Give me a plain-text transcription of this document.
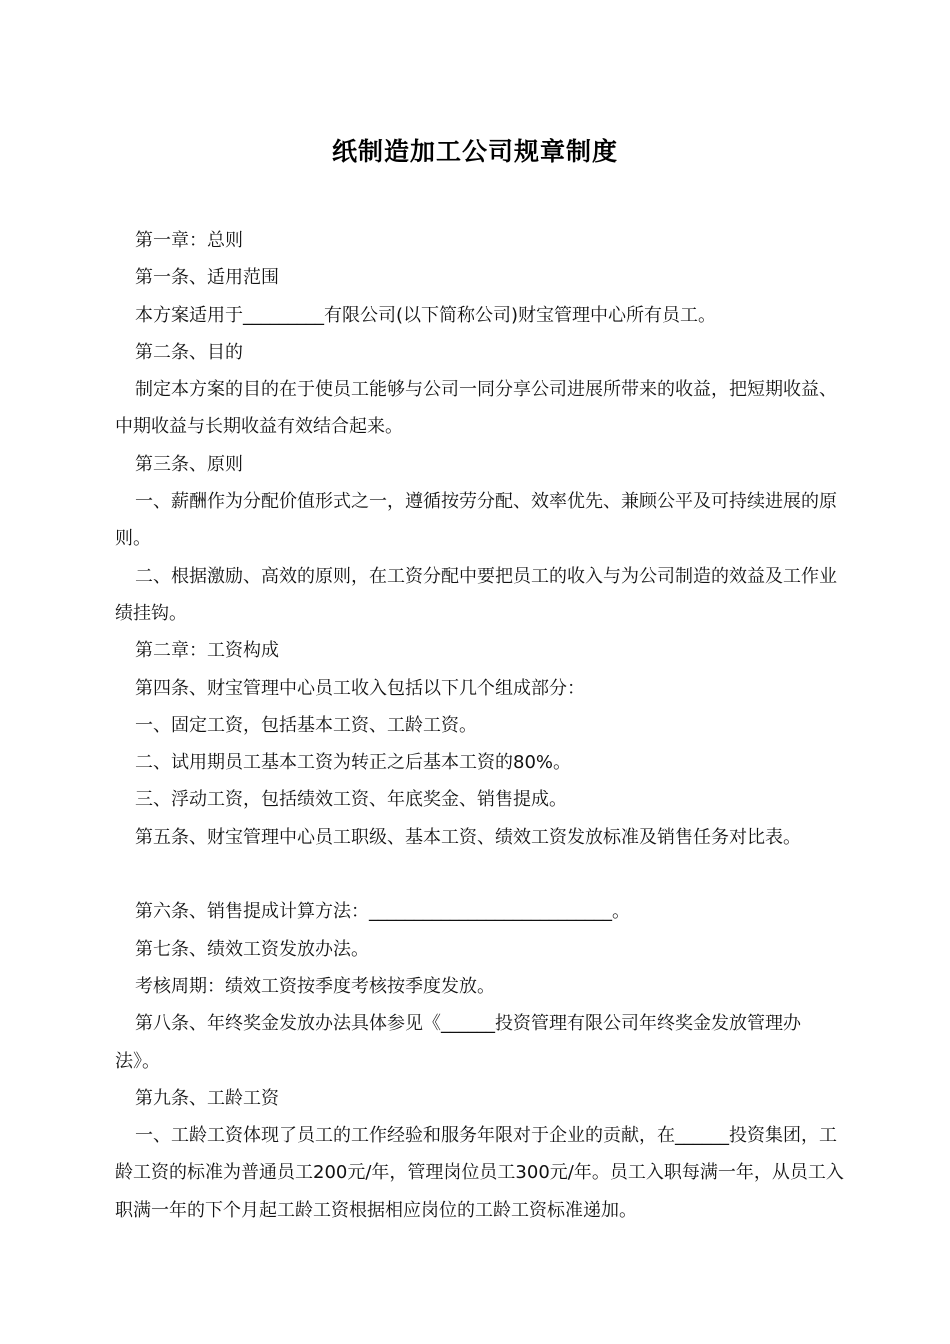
纸制造加工公司规章制度

第一章：总则

第一条、适用范围

本方案适用于_________有限公司(以下简称公司)财宝管理中心所有员工。

第二条、目的

制定本方案的目的在于使员工能够与公司一同分享公司进展所带来的收益，把短期收益、中期收益与长期收益有效结合起来。

第三条、原则

一、薪酬作为分配价值形式之一，遵循按劳分配、效率优先、兼顾公平及可持续进展的原则。

二、根据激励、高效的原则，在工资分配中要把员工的收入与为公司制造的效益及工作业绩挂钩。

第二章：工资构成

第四条、财宝管理中心员工收入包括以下几个组成部分：

一、固定工资，包括基本工资、工龄工资。

二、试用期员工基本工资为转正之后基本工资的80%。

三、浮动工资，包括绩效工资、年底奖金、销售提成。

第五条、财宝管理中心员工职级、基本工资、绩效工资发放标准及销售任务对比表。

第六条、销售提成计算方法：___________________________。

第七条、绩效工资发放办法。

考核周期：绩效工资按季度考核按季度发放。

第八条、年终奖金发放办法具体参见《______投资管理有限公司年终奖金发放管理办法》。

第九条、工龄工资

一、工龄工资体现了员工的工作经验和服务年限对于企业的贡献，在______投资集团，工龄工资的标准为普通员工200元/年，管理岗位员工300元/年。员工入职每满一年，从员工入职满一年的下个月起工龄工资根据相应岗位的工龄工资标准递加。
